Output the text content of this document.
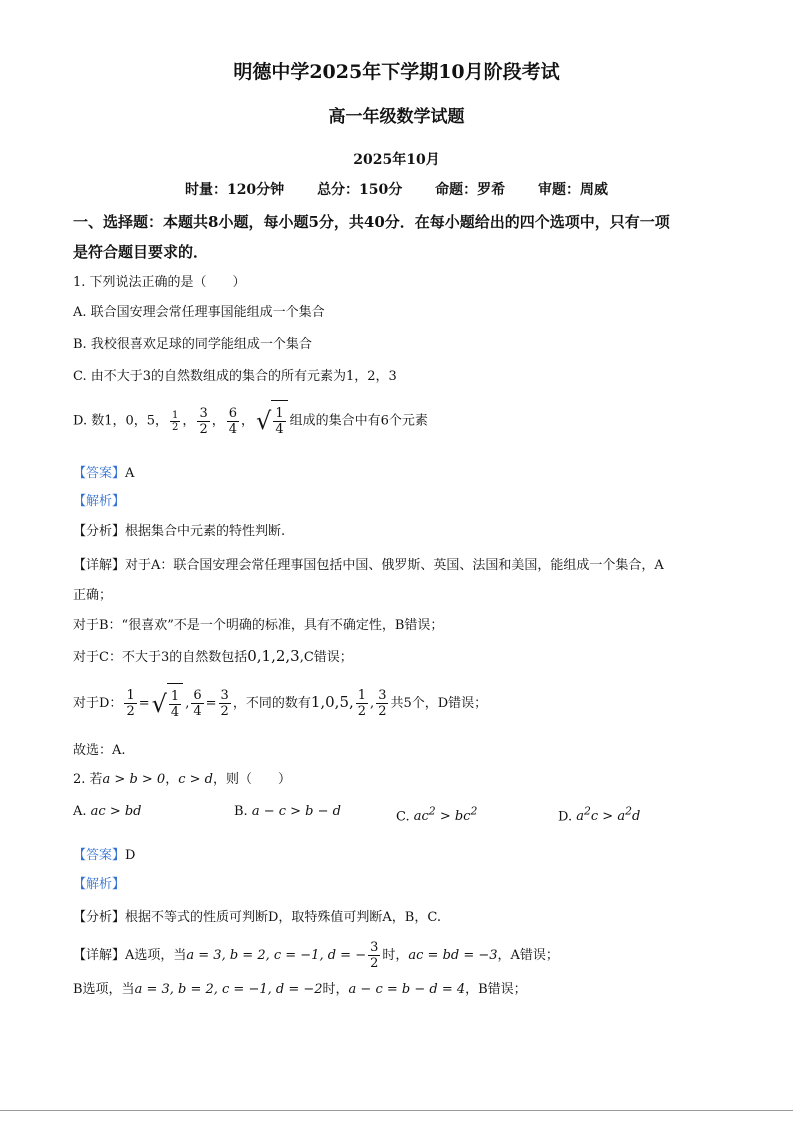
明德中学2025年下学期10月阶段考试
高一年级数学试题
2025年10月
时量：120分钟 总分：150分 命题：罗希 审题：周威
一、选择题：本题共8小题，每小题5分，共40分．在每小题给出的四个选项中，只有一项
是符合题目要求的．
1. 下列说法正确的是（　　）
A. 联合国安理会常任理事国能组成一个集合
B. 我校很喜欢足球的同学能组成一个集合
C. 由不大于3的自然数组成的集合的所有元素为1，2，3
D. 数1，0，5， $\frac{1}{2}$ ， $\frac{3}{2}$ ， $\frac{6}{4}$ ， √ $\frac{1}{4}$ 组成的集合中有6个元素
【答案】A
【解析】
【分析】根据集合中元素的特性判断.
【详解】对于A：联合国安理会常任理事国包括中国、俄罗斯、英国、法国和美国，能组成一个集合，A
正确；
对于B：“很喜欢”不是一个明确的标准，具有不确定性，B错误；
对于C：不大于3的自然数包括0,1,2,3,C错误；
对于D： $\frac{1}{2}$ = √ $\frac{1}{4}$ , $\frac{6}{4} = \frac{3}{2}$ ，不同的数有1,0,5, $\frac{1}{2}$ , $\frac{3}{2}$ 共5个，D错误；
故选：A.
2. 若a > b > 0，c > d，则（　　）
A. ac > bd	B. a − c > b − d	C. $ac^2 > bc^2$	D. $a^2c > a^2d$
【答案】D
【解析】
【分析】根据不等式的性质可判断D，取特殊值可判断A，B，C.
【详解】A选项，当a = 3, b = 2, c = −1, d = − $\frac{3}{2}$ 时，ac = bd = −3，A错误；
B选项，当a = 3, b = 2, c = −1, d = −2时，a − c = b − d = 4，B错误；
